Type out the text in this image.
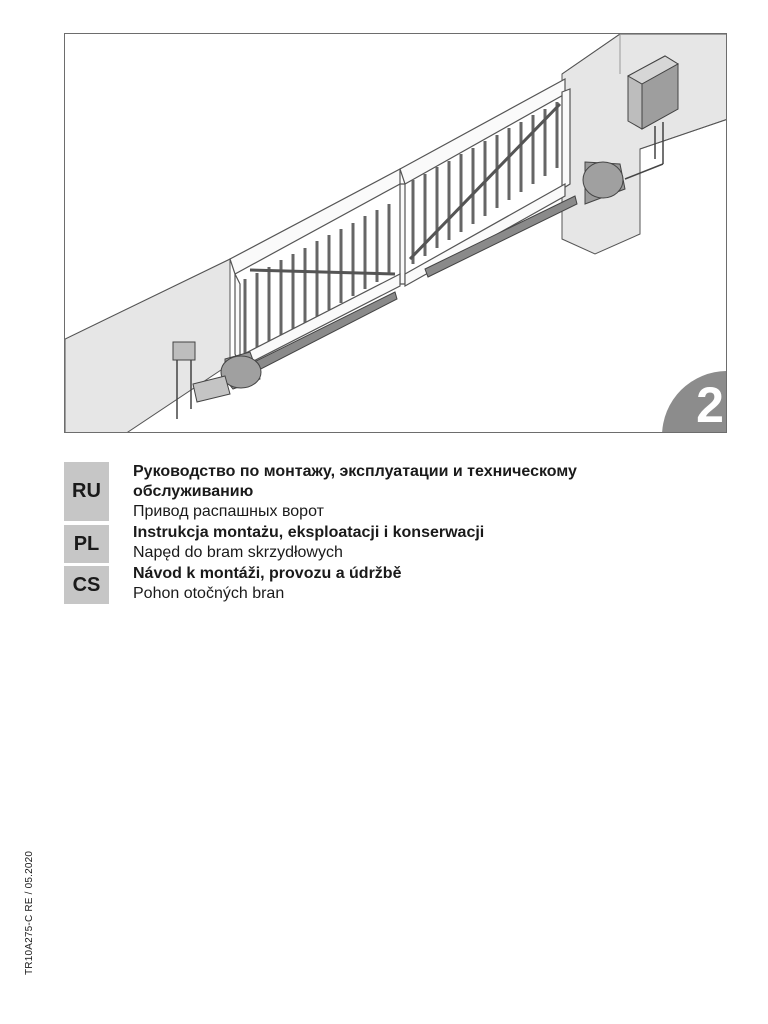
2
RU
Руководство по монтажу, эксплуатации и техническому обслуживанию
Привод распашных ворот
PL	Instrukcja montażu, eksploatacji i konserwacji
Napęd do bram skrzydłowych
CS	Návod k montáži, provozu a údržbě
Pohon otočných bran
TR10A275-C RE / 05.2020
